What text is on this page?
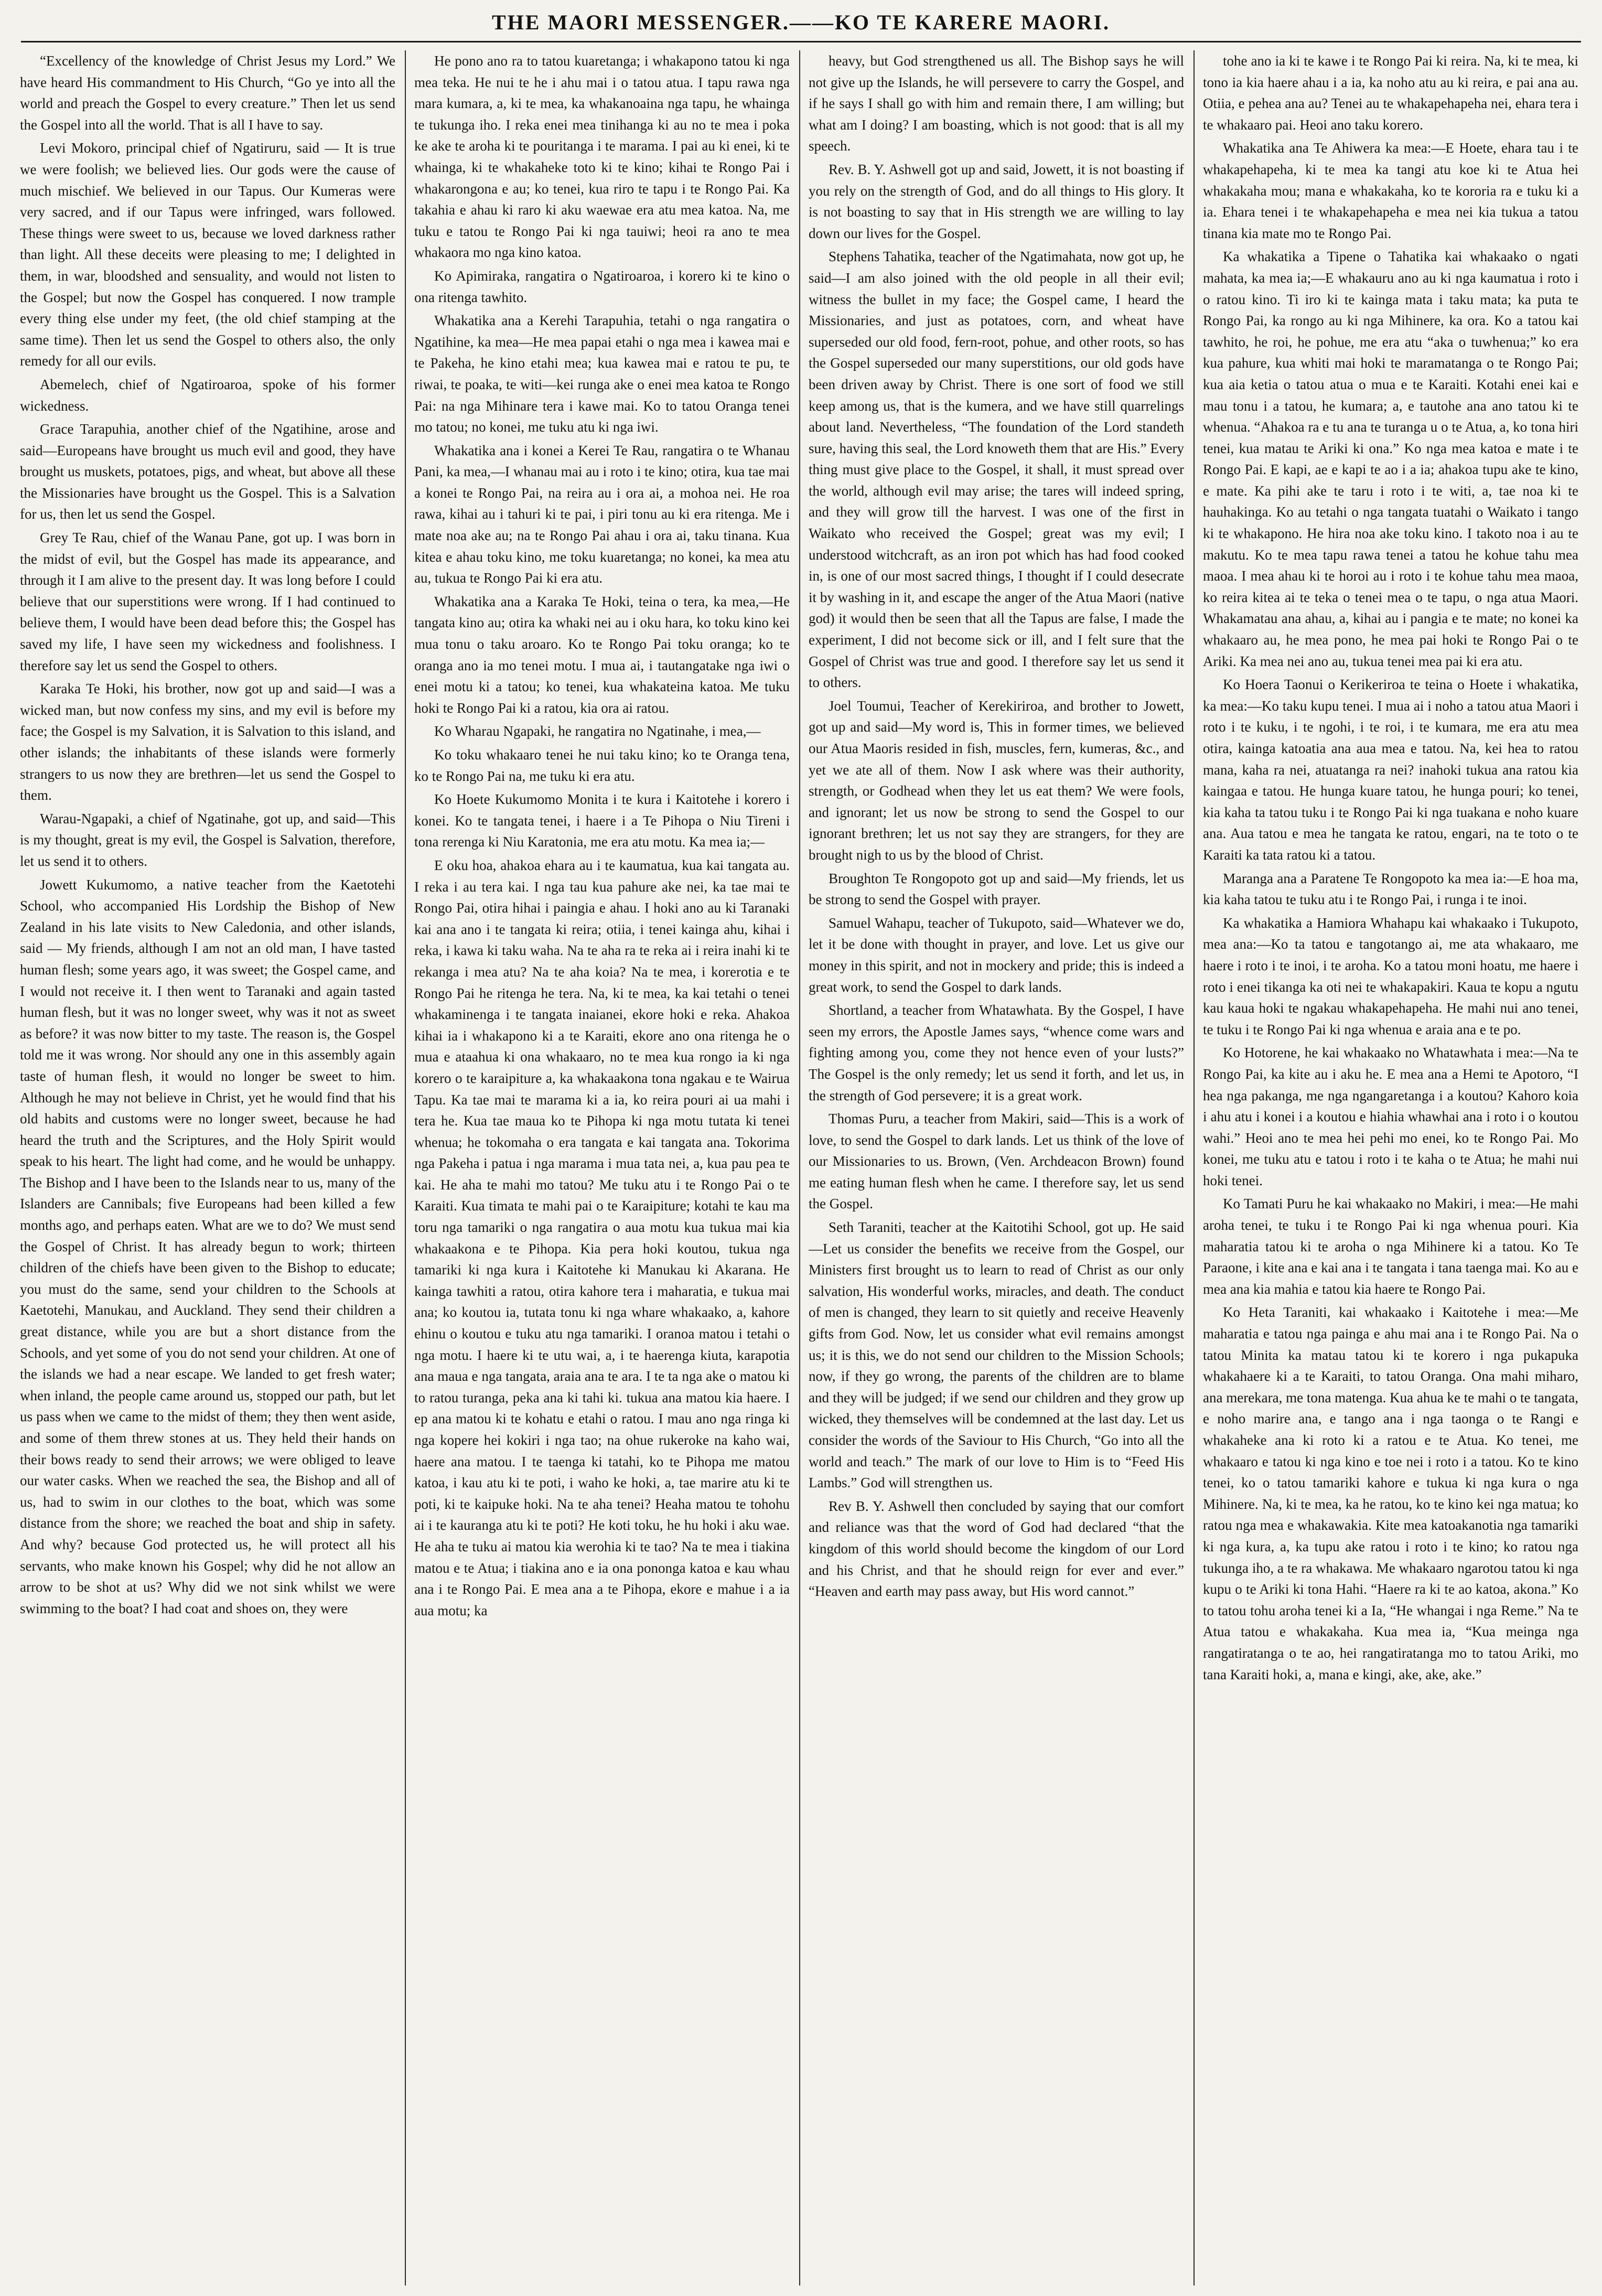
THE MAORI MESSENGER.——KO TE KARERE MAORI.

“Excellency of the knowledge of Christ Jesus my Lord.” We have heard His commandment to His Church, “Go ye into all the world and preach the Gospel to every creature.” Then let us send the Gospel into all the world. That is all I have to say.

Levi Mokoro, principal chief of Ngatiruru, said — It is true we were foolish; we believed lies. Our gods were the cause of much mischief. We believed in our Tapus. Our Kumeras were very sacred, and if our Tapus were infringed, wars followed. These things were sweet to us, because we loved darkness rather than light. All these deceits were pleasing to me; I delighted in them, in war, bloodshed and sensuality, and would not listen to the Gospel; but now the Gospel has conquered. I now trample every thing else under my feet, (the old chief stamping at the same time). Then let us send the Gospel to others also, the only remedy for all our evils.

Abemelech, chief of Ngatiroaroa, spoke of his former wickedness.

Grace Tarapuhia, another chief of the Ngatihine, arose and said—Europeans have brought us much evil and good, they have brought us muskets, potatoes, pigs, and wheat, but above all these the Missionaries have brought us the Gospel. This is a Salvation for us, then let us send the Gospel.

Grey Te Rau, chief of the Wanau Pane, got up. I was born in the midst of evil, but the Gospel has made its appearance, and through it I am alive to the present day. It was long before I could believe that our superstitions were wrong. If I had continued to believe them, I would have been dead before this; the Gospel has saved my life, I have seen my wickedness and foolishness. I therefore say let us send the Gospel to others.

Karaka Te Hoki, his brother, now got up and said—I was a wicked man, but now confess my sins, and my evil is before my face; the Gospel is my Salvation, it is Salvation to this island, and other islands; the inhabitants of these islands were formerly strangers to us now they are brethren—let us send the Gospel to them.

Warau-Ngapaki, a chief of Ngatinahe, got up, and said—This is my thought, great is my evil, the Gospel is Salvation, therefore, let us send it to others.

Jowett Kukumomo, a native teacher from the Kaetotehi School, who accompanied His Lordship the Bishop of New Zealand in his late visits to New Caledonia, and other islands, said — My friends, although I am not an old man, I have tasted human flesh; some years ago, it was sweet; the Gospel came, and I would not receive it. I then went to Taranaki and again tasted human flesh, but it was no longer sweet, why was it not as sweet as before? it was now bitter to my taste. The reason is, the Gospel told me it was wrong. Nor should any one in this assembly again taste of human flesh, it would no longer be sweet to him. Although he may not believe in Christ, yet he would find that his old habits and customs were no longer sweet, because he had heard the truth and the Scriptures, and the Holy Spirit would speak to his heart. The light had come, and he would be unhappy. The Bishop and I have been to the Islands near to us, many of the Islanders are Cannibals; five Europeans had been killed a few months ago, and perhaps eaten. What are we to do? We must send the Gospel of Christ. It has already begun to work; thirteen children of the chiefs have been given to the Bishop to educate; you must do the same, send your children to the Schools at Kaetotehi, Manukau, and Auckland. They send their children a great distance, while you are but a short distance from the Schools, and yet some of you do not send your children. At one of the islands we had a near escape. We landed to get fresh water; when inland, the people came around us, stopped our path, but let us pass when we came to the midst of them; they then went aside, and some of them threw stones at us. They held their hands on their bows ready to send their arrows; we were obliged to leave our water casks. When we reached the sea, the Bishop and all of us, had to swim in our clothes to the boat, which was some distance from the shore; we reached the boat and ship in safety. And why? because God protected us, he will protect all his servants, who make known his Gospel; why did he not allow an arrow to be shot at us? Why did we not sink whilst we were swimming to the boat? I had coat and shoes on, they were

He pono ano ra to tatou kuaretanga; i whakapono tatou ki nga mea teka. He nui te he i ahu mai i o tatou atua. I tapu rawa nga mara kumara, a, ki te mea, ka whakanoaina nga tapu, he whainga te tukunga iho. I reka enei mea tinihanga ki au no te mea i poka ke ake te aroha ki te pouritanga i te marama. I pai au ki enei, ki te whainga, ki te whakaheke toto ki te kino; kihai te Rongo Pai i whakarongona e au; ko tenei, kua riro te tapu i te Rongo Pai. Ka takahia e ahau ki raro ki aku waewae era atu mea katoa. Na, me tuku e tatou te Rongo Pai ki nga tauiwi; heoi ra ano te mea whakaora mo nga kino katoa.

Ko Apimiraka, rangatira o Ngatiroaroa, i korero ki te kino o ona ritenga tawhito.

Whakatika ana a Kerehi Tarapuhia, tetahi o nga rangatira o Ngatihine, ka mea—He mea papai etahi o nga mea i kawea mai e te Pakeha, he kino etahi mea; kua kawea mai e ratou te pu, te riwai, te poaka, te witi—kei runga ake o enei mea katoa te Rongo Pai: na nga Mihinare tera i kawe mai. Ko to tatou Oranga tenei mo tatou; no konei, me tuku atu ki nga iwi.

Whakatika ana i konei a Kerei Te Rau, rangatira o te Whanau Pani, ka mea,—I whanau mai au i roto i te kino; otira, kua tae mai a konei te Rongo Pai, na reira au i ora ai, a mohoa nei. He roa rawa, kihai au i tahuri ki te pai, i piri tonu au ki era ritenga. Me i mate noa ake au; na te Rongo Pai ahau i ora ai, taku tinana. Kua kitea e ahau toku kino, me toku kuaretanga; no konei, ka mea atu au, tukua te Rongo Pai ki era atu.

Whakatika ana a Karaka Te Hoki, teina o tera, ka mea,—He tangata kino au; otira ka whaki nei au i oku hara, ko toku kino kei mua tonu o taku aroaro. Ko te Rongo Pai toku oranga; ko te oranga ano ia mo tenei motu. I mua ai, i tautangatake nga iwi o enei motu ki a tatou; ko tenei, kua whakateina katoa. Me tuku hoki te Rongo Pai ki a ratou, kia ora ai ratou.

Ko Wharau Ngapaki, he rangatira no Ngatinahe, i mea,—

Ko toku whakaaro tenei he nui taku kino; ko te Oranga tena, ko te Rongo Pai na, me tuku ki era atu.

Ko Hoete Kukumomo Monita i te kura i Kaitotehe i korero i konei. Ko te tangata tenei, i haere i a Te Pihopa o Niu Tireni i tona rerenga ki Niu Karatonia, me era atu motu. Ka mea ia;—

E oku hoa, ahakoa ehara au i te kaumatua, kua kai tangata au. I reka i au tera kai. I nga tau kua pahure ake nei, ka tae mai te Rongo Pai, otira hihai i paingia e ahau. I hoki ano au ki Taranaki kai ana ano i te tangata ki reira; otiia, i tenei kainga ahu, kihai i reka, i kawa ki taku waha. Na te aha ra te reka ai i reira inahi ki te rekanga i mea atu? Na te aha koia? Na te mea, i korerotia e te Rongo Pai he ritenga he tera. Na, ki te mea, ka kai tetahi o tenei whakaminenga i te tangata inaianei, ekore hoki e reka. Ahakoa kihai ia i whakapono ki a te Karaiti, ekore ano ona ritenga he o mua e ataahua ki ona whakaaro, no te mea kua rongo ia ki nga korero o te karaipiture a, ka whakaakona tona ngakau e te Wairua Tapu. Ka tae mai te marama ki a ia, ko reira pouri ai ua mahi i tera he. Kua tae maua ko te Pihopa ki nga motu tutata ki tenei whenua; he tokomaha o era tangata e kai tangata ana. Tokorima nga Pakeha i patua i nga marama i mua tata nei, a, kua pau pea te kai. He aha te mahi mo tatou? Me tuku atu i te Rongo Pai o te Karaiti. Kua timata te mahi pai o te Karaipiture; kotahi te kau ma toru nga tamariki o nga rangatira o aua motu kua tukua mai kia whakaakona e te Pihopa. Kia pera hoki koutou, tukua nga tamariki ki nga kura i Kaitotehe ki Manukau ki Akarana. He kainga tawhiti a ratou, otira kahore tera i maharatia, e tukua mai ana; ko koutou ia, tutata tonu ki nga whare whakaako, a, kahore ehinu o koutou e tuku atu nga tamariki. I oranoa matou i tetahi o nga motu. I haere ki te utu wai, a, i te haerenga kiuta, karapotia ana maua e nga tangata, araia ana te ara. I te ta nga ake o matou ki to ratou turanga, peka ana ki tahi ki. tukua ana matou kia haere. I ep ana matou ki te kohatu e etahi o ratou. I mau ano nga ringa ki nga kopere hei kokiri i nga tao; na ohue rukeroke na kaho wai, haere ana matou. I te taenga ki tatahi, ko te Pihopa me matou katoa, i kau atu ki te poti, i waho ke hoki, a, tae marire atu ki te poti, ki te kaipuke hoki. Na te aha tenei? Heaha matou te tohohu ai i te kauranga atu ki te poti? He koti toku, he hu hoki i aku wae. He aha te tuku ai matou kia werohia ki te tao? Na te mea i tiakina matou e te Atua; i tiakina ano e ia ona pononga katoa e kau whau ana i te Rongo Pai. E mea ana a te Pihopa, ekore e mahue i a ia aua motu; ka

heavy, but God strengthened us all. The Bishop says he will not give up the Islands, he will persevere to carry the Gospel, and if he says I shall go with him and remain there, I am willing; but what am I doing? I am boasting, which is not good: that is all my speech.

Rev. B. Y. Ashwell got up and said, Jowett, it is not boasting if you rely on the strength of God, and do all things to His glory. It is not boasting to say that in His strength we are willing to lay down our lives for the Gospel.

Stephens Tahatika, teacher of the Ngatimahata, now got up, he said—I am also joined with the old people in all their evil; witness the bullet in my face; the Gospel came, I heard the Missionaries, and just as potatoes, corn, and wheat have superseded our old food, fern-root, pohue, and other roots, so has the Gospel superseded our many superstitions, our old gods have been driven away by Christ. There is one sort of food we still keep among us, that is the kumera, and we have still quarrelings about land. Nevertheless, “The foundation of the Lord standeth sure, having this seal, the Lord knoweth them that are His.” Every thing must give place to the Gospel, it shall, it must spread over the world, although evil may arise; the tares will indeed spring, and they will grow till the harvest. I was one of the first in Waikato who received the Gospel; great was my evil; I understood witchcraft, as an iron pot which has had food cooked in, is one of our most sacred things, I thought if I could desecrate it by washing in it, and escape the anger of the Atua Maori (native god) it would then be seen that all the Tapus are false, I made the experiment, I did not become sick or ill, and I felt sure that the Gospel of Christ was true and good. I therefore say let us send it to others.

Joel Toumui, Teacher of Kerekiriroa, and brother to Jowett, got up and said—My word is, This in former times, we believed our Atua Maoris resided in fish, muscles, fern, kumeras, &c., and yet we ate all of them. Now I ask where was their authority, strength, or Godhead when they let us eat them? We were fools, and ignorant; let us now be strong to send the Gospel to our ignorant brethren; let us not say they are strangers, for they are brought nigh to us by the blood of Christ.

Broughton Te Rongopoto got up and said—My friends, let us be strong to send the Gospel with prayer.

Samuel Wahapu, teacher of Tukupoto, said—Whatever we do, let it be done with thought in prayer, and love. Let us give our money in this spirit, and not in mockery and pride; this is indeed a great work, to send the Gospel to dark lands.

Shortland, a teacher from Whatawhata. By the Gospel, I have seen my errors, the Apostle James says, “whence come wars and fighting among you, come they not hence even of your lusts?” The Gospel is the only remedy; let us send it forth, and let us, in the strength of God persevere; it is a great work.

Thomas Puru, a teacher from Makiri, said—This is a work of love, to send the Gospel to dark lands. Let us think of the love of our Missionaries to us. Brown, (Ven. Archdeacon Brown) found me eating human flesh when he came. I therefore say, let us send the Gospel.

Seth Taraniti, teacher at the Kaitotihi School, got up. He said—Let us consider the benefits we receive from the Gospel, our Ministers first brought us to learn to read of Christ as our only salvation, His wonderful works, miracles, and death. The conduct of men is changed, they learn to sit quietly and receive Heavenly gifts from God. Now, let us consider what evil remains amongst us; it is this, we do not send our children to the Mission Schools; now, if they go wrong, the parents of the children are to blame and they will be judged; if we send our children and they grow up wicked, they themselves will be condemned at the last day. Let us consider the words of the Saviour to His Church, “Go into all the world and teach.” The mark of our love to Him is to “Feed His Lambs.” God will strengthen us.

Rev B. Y. Ashwell then concluded by saying that our comfort and reliance was that the word of God had declared “that the kingdom of this world should become the kingdom of our Lord and his Christ, and that he should reign for ever and ever.” “Heaven and earth may pass away, but His word cannot.”

tohe ano ia ki te kawe i te Rongo Pai ki reira. Na, ki te mea, ki tono ia kia haere ahau i a ia, ka noho atu au ki reira, e pai ana au. Otiia, e pehea ana au? Tenei au te whakapehapeha nei, ehara tera i te whakaaro pai. Heoi ano taku korero.

Whakatika ana Te Ahiwera ka mea:—E Hoete, ehara tau i te whakapehapeha, ki te mea ka tangi atu koe ki te Atua hei whakakaha mou; mana e whakakaha, ko te kororia ra e tuku ki a ia. Ehara tenei i te whakapehapeha e mea nei kia tukua a tatou tinana kia mate mo te Rongo Pai.

Ka whakatika a Tipene o Tahatika kai whakaako o ngati mahata, ka mea ia;—E whakauru ano au ki nga kaumatua i roto i o ratou kino. Ti iro ki te kainga mata i taku mata; ka puta te Rongo Pai, ka rongo au ki nga Mihinere, ka ora. Ko a tatou kai tawhito, he roi, he pohue, me era atu “aka o tuwhenua;” ko era kua pahure, kua whiti mai hoki te maramatanga o te Rongo Pai; kua aia ketia o tatou atua o mua e te Karaiti. Kotahi enei kai e mau tonu i a tatou, he kumara; a, e tautohe ana ano tatou ki te whenua. “Ahakoa ra e tu ana te turanga u o te Atua, a, ko tona hiri tenei, kua matau te Ariki ki ona.” Ko nga mea katoa e mate i te Rongo Pai. E kapi, ae e kapi te ao i a ia; ahakoa tupu ake te kino, e mate. Ka pihi ake te taru i roto i te witi, a, tae noa ki te hauhakinga. Ko au tetahi o nga tangata tuatahi o Waikato i tango ki te whakapono. He hira noa ake toku kino. I takoto noa i au te makutu. Ko te mea tapu rawa tenei a tatou he kohue tahu mea maoa. I mea ahau ki te horoi au i roto i te kohue tahu mea maoa, ko reira kitea ai te teka o tenei mea o te tapu, o nga atua Maori. Whakamatau ana ahau, a, kihai au i pangia e te mate; no konei ka whakaaro au, he mea pono, he mea pai hoki te Rongo Pai o te Ariki. Ka mea nei ano au, tukua tenei mea pai ki era atu.

Ko Hoera Taonui o Kerikeriroa te teina o Hoete i whakatika, ka mea:—Ko taku kupu tenei. I mua ai i noho a tatou atua Maori i roto i te kuku, i te ngohi, i te roi, i te kumara, me era atu mea otira, kainga katoatia ana aua mea e tatou. Na, kei hea to ratou mana, kaha ra nei, atuatanga ra nei? inahoki tukua ana ratou kia kaingaa e tatou. He hunga kuare tatou, he hunga pouri; ko tenei, kia kaha ta tatou tuku i te Rongo Pai ki nga tuakana e noho kuare ana. Aua tatou e mea he tangata ke ratou, engari, na te toto o te Karaiti ka tata ratou ki a tatou.

Maranga ana a Paratene Te Rongopoto ka mea ia:—E hoa ma, kia kaha tatou te tuku atu i te Rongo Pai, i runga i te inoi.

Ka whakatika a Hamiora Whahapu kai whakaako i Tukupoto, mea ana:—Ko ta tatou e tangotango ai, me ata whakaaro, me haere i roto i te inoi, i te aroha. Ko a tatou moni hoatu, me haere i roto i enei tikanga ka oti nei te whakapakiri. Kaua te kopu a ngutu kau kaua hoki te ngakau whakapehapeha. He mahi nui ano tenei, te tuku i te Rongo Pai ki nga whenua e araia ana e te po.

Ko Hotorene, he kai whakaako no Whatawhata i mea:—Na te Rongo Pai, ka kite au i aku he. E mea ana a Hemi te Apotoro, “I hea nga pakanga, me nga ngangaretanga i a koutou? Kahoro koia i ahu atu i konei i a koutou e hiahia whawhai ana i roto i o koutou wahi.” Heoi ano te mea hei pehi mo enei, ko te Rongo Pai. Mo konei, me tuku atu e tatou i roto i te kaha o te Atua; he mahi nui hoki tenei.

Ko Tamati Puru he kai whakaako no Makiri, i mea:—He mahi aroha tenei, te tuku i te Rongo Pai ki nga whenua pouri. Kia maharatia tatou ki te aroha o nga Mihinere ki a tatou. Ko Te Paraone, i kite ana e kai ana i te tangata i tana taenga mai. Ko au e mea ana kia mahia e tatou kia haere te Rongo Pai.

Ko Heta Taraniti, kai whakaako i Kaitotehe i mea:—Me maharatia e tatou nga painga e ahu mai ana i te Rongo Pai. Na o tatou Minita ka matau tatou ki te korero i nga pukapuka whakahaere ki a te Karaiti, to tatou Oranga. Ona mahi miharo, ana merekara, me tona matenga. Kua ahua ke te mahi o te tangata, e noho marire ana, e tango ana i nga taonga o te Rangi e whakaheke ana ki roto ki a ratou e te Atua. Ko tenei, me whakaaro e tatou ki nga kino e toe nei i roto i a tatou. Ko te kino tenei, ko o tatou tamariki kahore e tukua ki nga kura o nga Mihinere. Na, ki te mea, ka he ratou, ko te kino kei nga matua; ko ratou nga mea e whakawakia. Kite mea katoakanotia nga tamariki ki nga kura, a, ka tupu ake ratou i roto i te kino; ko ratou nga tukunga iho, a te ra whakawa. Me whakaaro ngarotou tatou ki nga kupu o te Ariki ki tona Hahi. “Haere ra ki te ao katoa, akona.” Ko to tatou tohu aroha tenei ki a Ia, “He whangai i nga Reme.” Na te Atua tatou e whakakaha. Kua mea ia, “Kua meinga nga rangatiratanga o te ao, hei rangatiratanga mo to tatou Ariki, mo tana Karaiti hoki, a, mana e kingi, ake, ake, ake.”
